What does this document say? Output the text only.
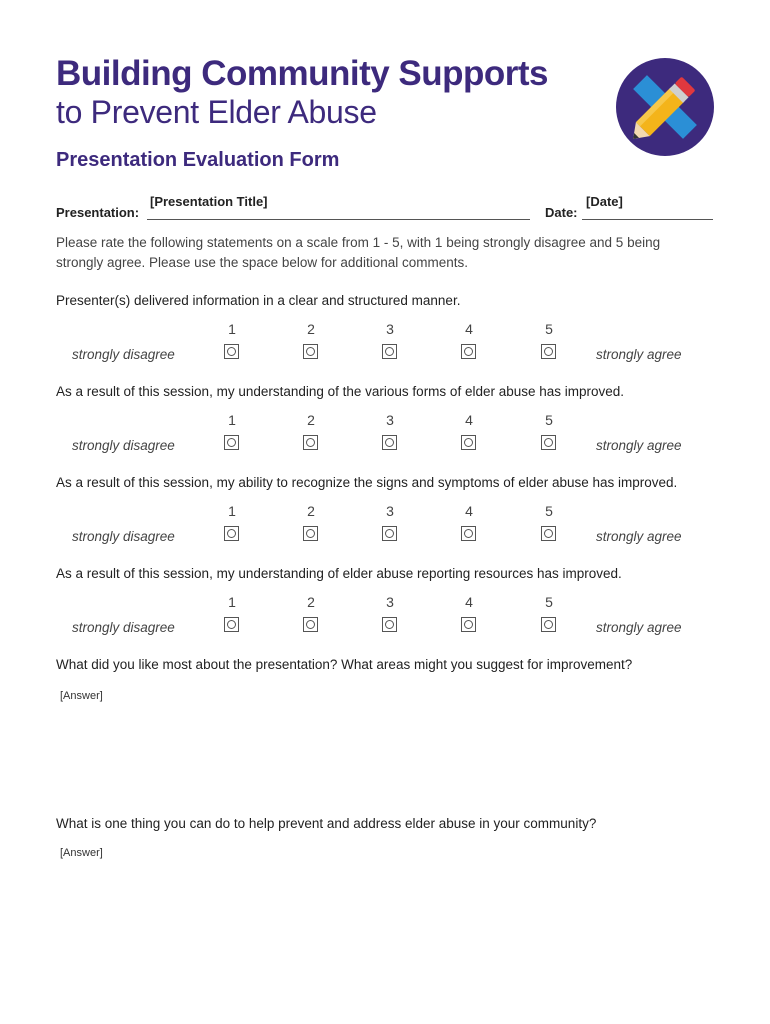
Building Community Supports
to Prevent Elder Abuse
Presentation Evaluation Form
Presentation:
[Presentation Title]
Date:
[Date]

Please rate the following statements on a scale from 1 - 5, with 1 being strongly disagree and 5 being strongly agree. Please use the space below for additional comments.

Presenter(s) delivered information in a clear and structured manner.

1	2	3	4	5
strongly disagree	strongly agree

As a result of this session, my understanding of the various forms of elder abuse has improved.

1	2	3	4	5
strongly disagree	strongly agree

As a result of this session, my ability to recognize the signs and symptoms of elder abuse has improved.

1	2	3	4	5
strongly disagree	strongly agree

As a result of this session, my understanding of elder abuse reporting resources has improved.

1	2	3	4	5
strongly disagree	strongly agree

What did you like most about the presentation? What areas might you suggest for improvement?

[Answer]

What is one thing you can do to help prevent and address elder abuse in your community?

[Answer]
